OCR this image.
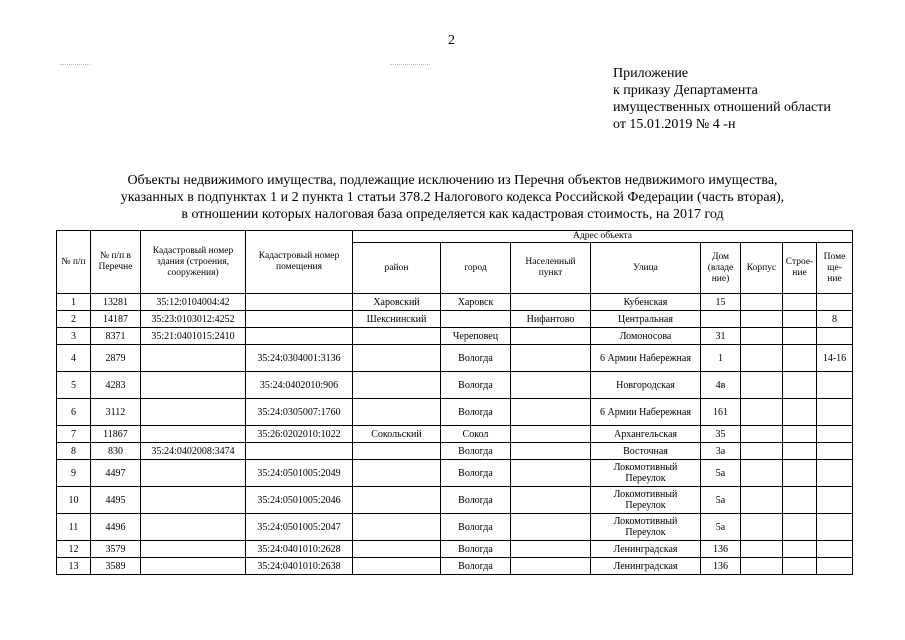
2
Приложение
к приказу Департамента
имущественных отношений области
от 15.01.2019 № 4 -н
Объекты недвижимого имущества, подлежащие исключению из Перечня объектов недвижимого имущества,
указанных в подпунктах 1 и 2 пункта 1 статьи 378.2 Налогового кодекса Российской Федерации (часть вторая),
в отношении которых налоговая база определяется как кадастровая стоимость, на 2017 год
№ п/п	№ п/п в Перечне	Кадастровый номер здания (строения, сооружения)	Кадастровый номер помещения	Адрес объекта							
				район	город	Населенный пункт	Улица	Дом (владе ние)	Корпус	Строе- ние	Поме ще- ние
1	13281	35:12:0104004:42		Харовский	Харовск		Кубенская	15			
2	14187	35:23:0103012:4252		Шекснинский		Нифантово	Центральная				8
3	8371	35:21:0401015:2410			Череповец		Ломоносова	31			
4	2879		35:24:0304001:3136		Вологда		6 Армии Набережная	1			14-16
5	4283		35:24:0402010:906		Вологда		Новгородская	4в			
6	3112		35:24:0305007:1760		Вологда		6 Армии Набережная	161			
7	11867		35:26:0202010:1022	Сокольский	Сокол		Архангельская	35			
8	830	35:24:0402008:3474			Вологда		Восточная	3а			
9	4497		35:24:0501005:2049		Вологда		Локомотивный Переулок	5а			
10	4495		35:24:0501005:2046		Вологда		Локомотивный Переулок	5а			
11	4496		35:24:0501005:2047		Вологда		Локомотивный Переулок	5а			
12	3579		35:24:0401010:2628		Вологда		Ленинградская	136			
13	3589		35:24:0401010:2638		Вологда		Ленинградская	136			
